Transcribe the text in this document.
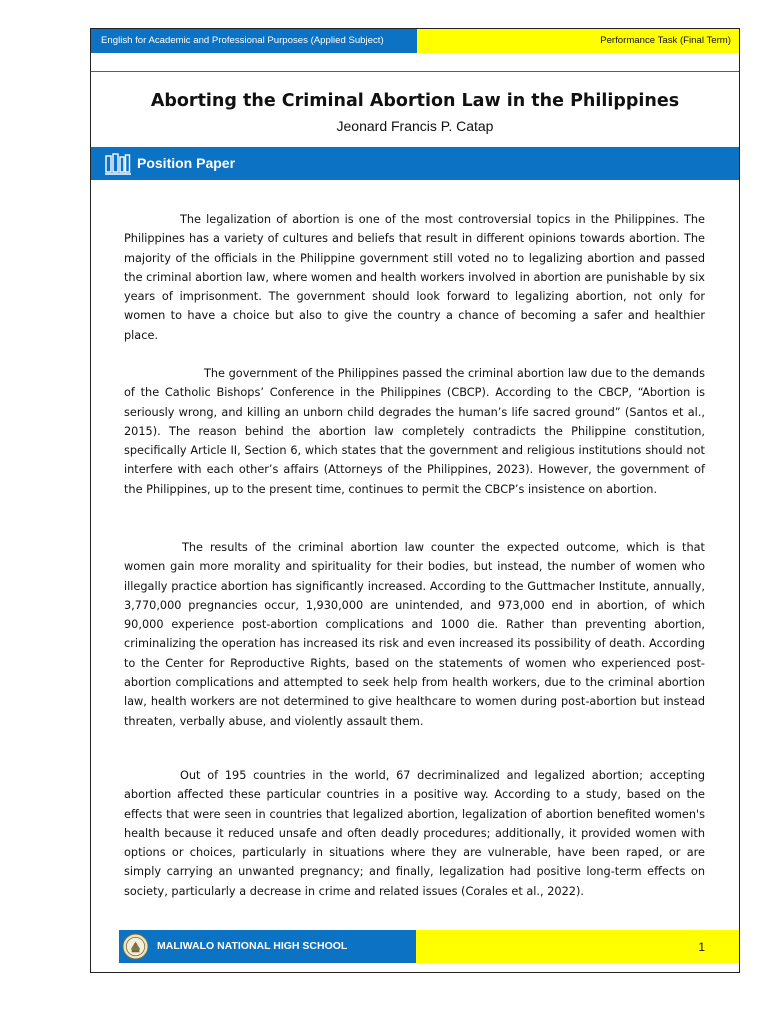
English for Academic and Professional Purposes (Applied Subject)	Performance Task (Final Term)
Aborting the Criminal Abortion Law in the Philippines
Jeonard Francis P. Catap
Position Paper

The legalization of abortion is one of the most controversial topics in the Philippines. The Philippines has a variety of cultures and beliefs that result in different opinions towards abortion. The majority of the officials in the Philippine government still voted no to legalizing abortion and passed the criminal abortion law, where women and health workers involved in abortion are punishable by six years of imprisonment. The government should look forward to legalizing abortion, not only for women to have a choice but also to give the country a chance of becoming a safer and healthier place.

The government of the Philippines passed the criminal abortion law due to the demands of the Catholic Bishops’ Conference in the Philippines (CBCP). According to the CBCP, “Abortion is seriously wrong, and killing an unborn child degrades the human’s life sacred ground” (Santos et al., 2015). The reason behind the abortion law completely contradicts the Philippine constitution, specifically Article II, Section 6, which states that the government and religious institutions should not interfere with each other’s affairs (Attorneys of the Philippines, 2023). However, the government of the Philippines, up to the present time, continues to permit the CBCP’s insistence on abortion.

The results of the criminal abortion law counter the expected outcome, which is that women gain more morality and spirituality for their bodies, but instead, the number of women who illegally practice abortion has significantly increased. According to the Guttmacher Institute, annually, 3,770,000 pregnancies occur, 1,930,000 are unintended, and 973,000 end in abortion, of which 90,000 experience post-abortion complications and 1000 die. Rather than preventing abortion, criminalizing the operation has increased its risk and even increased its possibility of death. According to the Center for Reproductive Rights, based on the statements of women who experienced post-abortion complications and attempted to seek help from health workers, due to the criminal abortion law, health workers are not determined to give healthcare to women during post-abortion but instead threaten, verbally abuse, and violently assault them.

Out of 195 countries in the world, 67 decriminalized and legalized abortion; accepting abortion affected these particular countries in a positive way. According to a study, based on the effects that were seen in countries that legalized abortion, legalization of abortion benefited women's health because it reduced unsafe and often deadly procedures; additionally, it provided women with options or choices, particularly in situations where they are vulnerable, have been raped, or are simply carrying an unwanted pregnancy; and finally, legalization had positive long-term effects on society, particularly a decrease in crime and related issues (Corales et al., 2022).

MALIWALO NATIONAL HIGH SCHOOL	1
